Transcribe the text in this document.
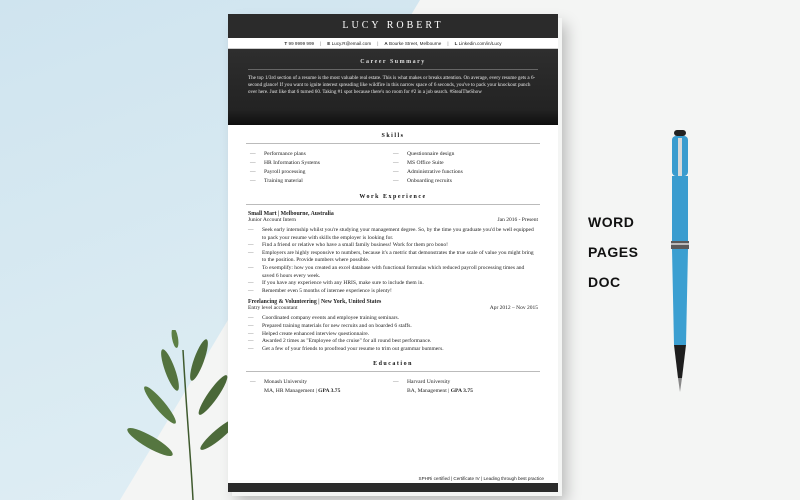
WORD
PAGES
DOC
LUCY ROBERT
T 99 9999 999 | E Lucy.R@email.com | A Bourke Street, Melbourne | L Linkedin.com/in/Lucy
Career Summary

The top 1/3rd section of a resume is the most valuable real estate. This is what makes or breaks attention. On average, every resume gets a 6-second glance! If you want to ignite interest spreading like wildfire in this narrow space of 6 seconds, you've to pack your knockout punch over here. Just like that 6 turned 60. Taking #1 spot because there's no room for #2 in a job search. #StealTheShow

Skills
—	Performance plans
—	HR Information Systems
—	Payroll processing
—	Training material
—	Questionnaire design
—	MS Office Suite
—	Administrative functions
—	Onboarding recruits
Work Experience
Small Mart | Melbourne, Australia
Junior Account Intern	Jan 2016 - Present
—	Seek early internship whilst you're studying your management degree. So, by the time you graduate you'd be well equipped to pack your resume with skills the employer is looking for.
—	Find a friend or relative who have a small family business! Work for them pro bono!
—	Employers are highly responsive to numbers, because it's a metric that demonstrates the true scale of value you might bring to the position. Provide numbers where possible.
—	To exemplify: how you created an excel database with functional formulas which reduced payroll processing times and saved 6 hours every week.
—	If you have any experience with any HRIS, make sure to include them in.
—	Remember even 5 months of internee experience is plenty!
Freelancing & Volunteering | New York, United States
Entry level accountant	Apr 2012 – Nov 2015
—	Coordinated company events and employee training seminars.
—	Prepared training materials for new recruits and on boarded 6 staffs.
—	Helped create enhanced interview questionnaire.
—	Awarded 2 times as "Employee of the cruise" for all round best performance.
—	Get a few of your friends to proofread your resume to trim out grammar bummers.
Education
—	Monash University
MA, HR Management | GPA 3.75
—	Harvard University
BA, Management | GPA 3.75
SPHRi certified | Certificate IV | Leading through best practice
